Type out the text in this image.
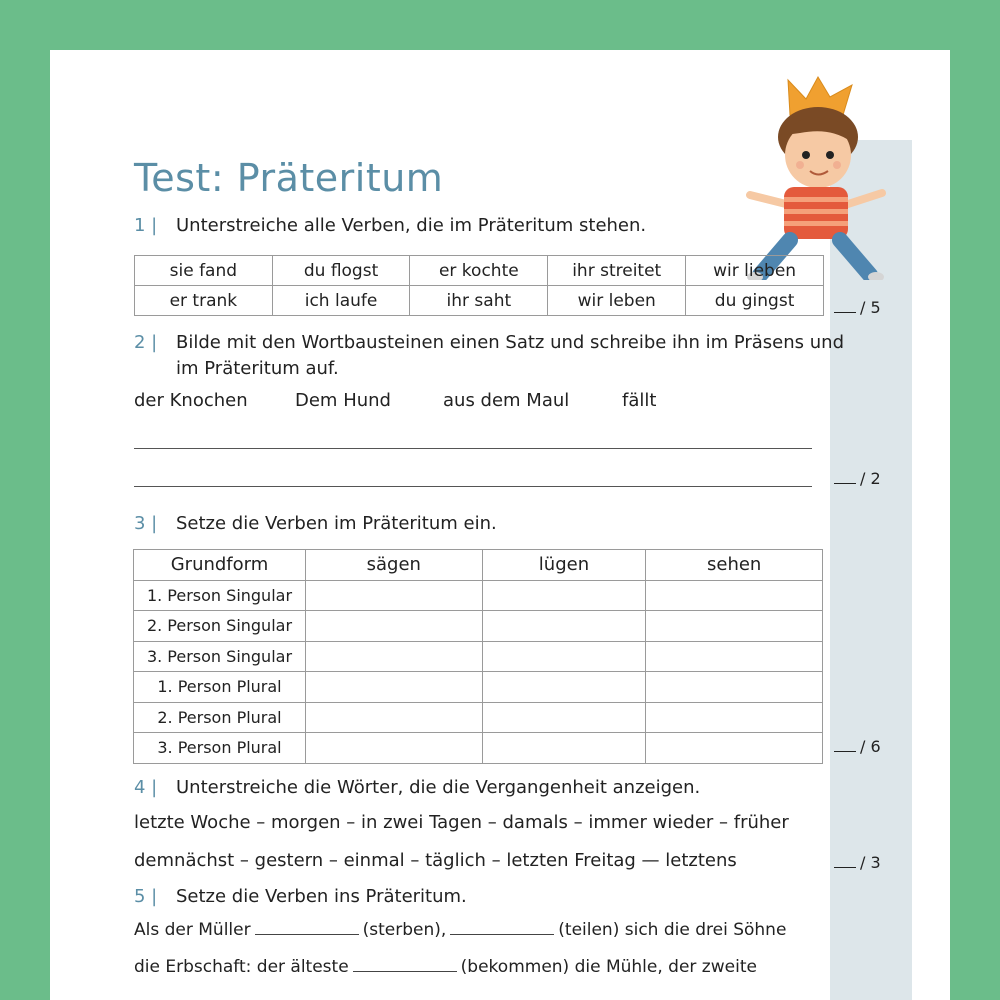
Test: Präteritum
1 | Unterstreiche alle Verben, die im Präteritum stehen.
sie fand	du flogst	er kochte	ihr streitet	wir lieben
er trank	ich laufe	ihr saht	wir leben	du gingst	/ 5
2 | Bilde mit den Wortbausteinen einen Satz und schreibe ihn im Präsens und
im Präteritum auf.
der Knochen	Dem Hund	aus dem Maul	fällt
/ 2
3 | Setze die Verben im Präteritum ein.
Grundform	sägen	lügen	sehen
1. Person Singular			
2. Person Singular			
3. Person Singular			
1. Person Plural			
2. Person Plural			
3. Person Plural				/ 6
4 | Unterstreiche die Wörter, die die Vergangenheit anzeigen.
letzte Woche – morgen – in zwei Tagen – damals – immer wieder – früher
demnächst – gestern – einmal – täglich – letzten Freitag — letztens	/ 3
5 | Setze die Verben ins Präteritum.
Als der Müller	(sterben),	(teilen) sich die drei Söhne
die Erbschaft: der älteste	(bekommen) die Mühle, der zweite
